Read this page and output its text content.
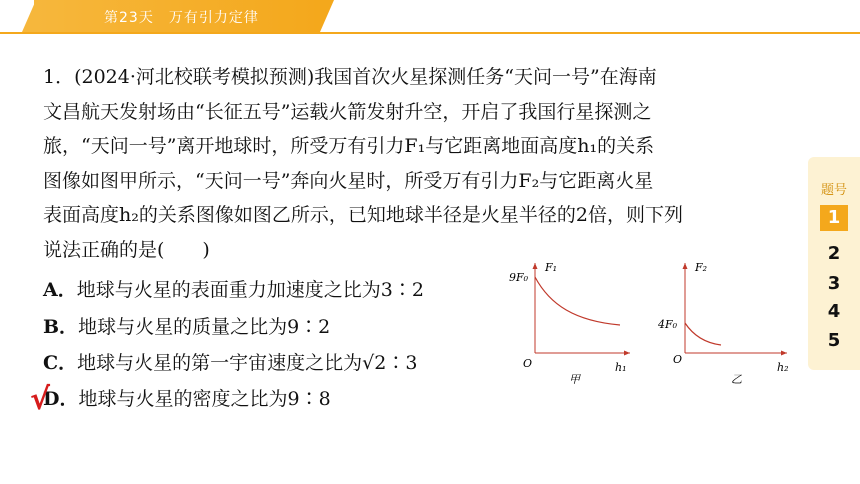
第23天　万有引力定律
1．(2024·河北校联考模拟预测)我国首次火星探测任务“天问一号”在海南
文昌航天发射场由“长征五号”运载火箭发射升空，开启了我国行星探测之
旅，“天问一号”离开地球时，所受万有引力F₁与它距离地面高度h₁的关系
图像如图甲所示，“天问一号”奔向火星时，所受万有引力F₂与它距离火星
表面高度h₂的关系图像如图乙所示，已知地球半径是火星半径的2倍，则下列
说法正确的是(　　)
A．地球与火星的表面重力加速度之比为3∶2
B．地球与火星的质量之比为9∶2
C．地球与火星的第一宇宙速度之比为√2∶3
D．地球与火星的密度之比为9∶8
√
F₁
9F₀
O	h₁
甲
F₂
4F₀
O
h₂
乙
题号
1
2
3
4
5
